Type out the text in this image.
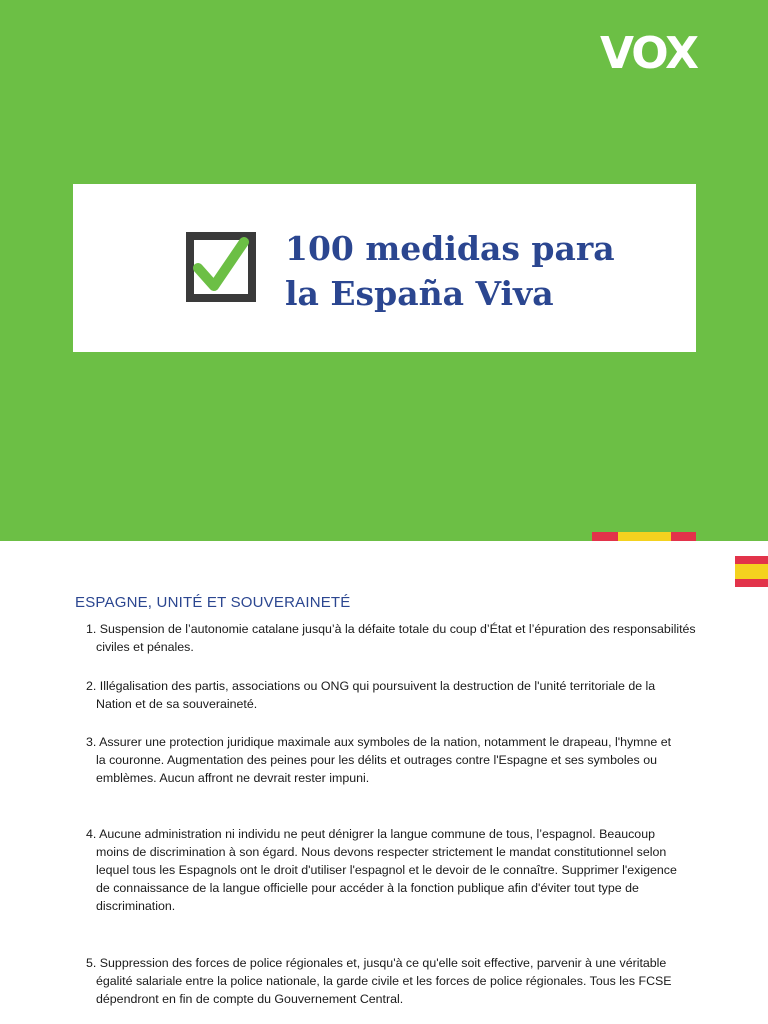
VOX
100 medidas para
la España Viva
ESPAGNE, UNITÉ ET SOUVERAINETÉ
1. Suspension de l’autonomie catalane jusqu’à la défaite totale du coup d’État et l’épuration des responsabilités
civiles et pénales.
2. Illégalisation des partis, associations ou ONG qui poursuivent la destruction de l'unité territoriale de la
Nation et de sa souveraineté.
3. Assurer une protection juridique maximale aux symboles de la nation, notamment le drapeau, l'hymne et
la couronne. Augmentation des peines pour les délits et outrages contre l'Espagne et ses symboles ou
emblèmes. Aucun affront ne devrait rester impuni.
4. Aucune administration ni individu ne peut dénigrer la langue commune de tous, l’espagnol. Beaucoup
moins de discrimination à son égard. Nous devons respecter strictement le mandat constitutionnel selon
lequel tous les Espagnols ont le droit d'utiliser l'espagnol et le devoir de le connaître. Supprimer l'exigence
de connaissance de la langue officielle pour accéder à la fonction publique afin d'éviter tout type de
discrimination.
5. Suppression des forces de police régionales et, jusqu'à ce qu'elle soit effective, parvenir à une véritable
égalité salariale entre la police nationale, la garde civile et les forces de police régionales. Tous les FCSE
dépendront en fin de compte du Gouvernement Central.
